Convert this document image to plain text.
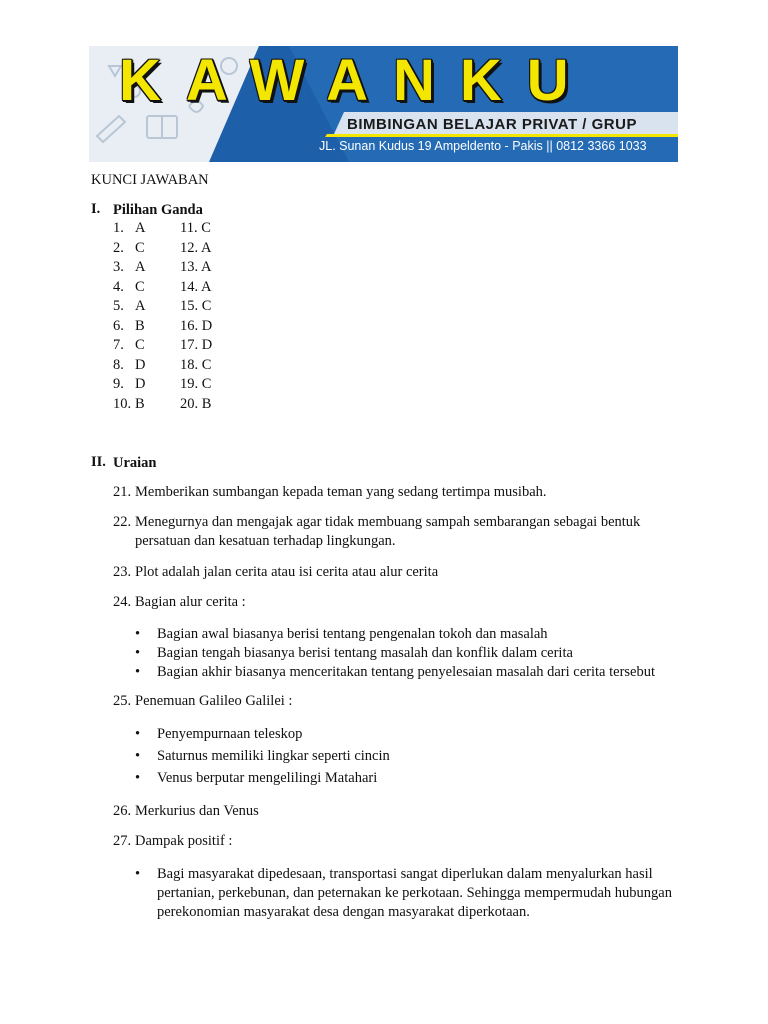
KAWANKU
BIMBINGAN BELAJAR PRIVAT / GRUP
JL. Sunan Kudus 19 Ampeldento - Pakis || 0812 3366 1033
KUNCI JAWABAN
I. Pilihan Ganda
1. A 11. C
2. C 12. A
3. A 13. A
4. C 14. A
5. A 15. C
6. B 16. D
7. C 17. D
8. D 18. C
9. D 19. C
10. B 20. B
II. Uraian
21. Memberikan sumbangan kepada teman yang sedang tertimpa musibah.
22. Menegurnya dan mengajak agar tidak membuang sampah sembarangan sebagai bentuk persatuan dan kesatuan terhadap lingkungan.
23. Plot adalah jalan cerita atau isi cerita atau alur cerita
24. Bagian alur cerita :
• Bagian awal biasanya berisi tentang pengenalan tokoh dan masalah
• Bagian tengah biasanya berisi tentang masalah dan konflik dalam cerita
• Bagian akhir biasanya menceritakan tentang penyelesaian masalah dari cerita tersebut
25. Penemuan Galileo Galilei :
• Penyempurnaan teleskop
• Saturnus memiliki lingkar seperti cincin
• Venus berputar mengelilingi Matahari
26. Merkurius dan Venus
27. Dampak positif :
• Bagi masyarakat dipedesaan, transportasi sangat diperlukan dalam menyalurkan hasil pertanian, perkebunan, dan peternakan ke perkotaan. Sehingga mempermudah hubungan perekonomian masyarakat desa dengan masyarakat diperkotaan.
